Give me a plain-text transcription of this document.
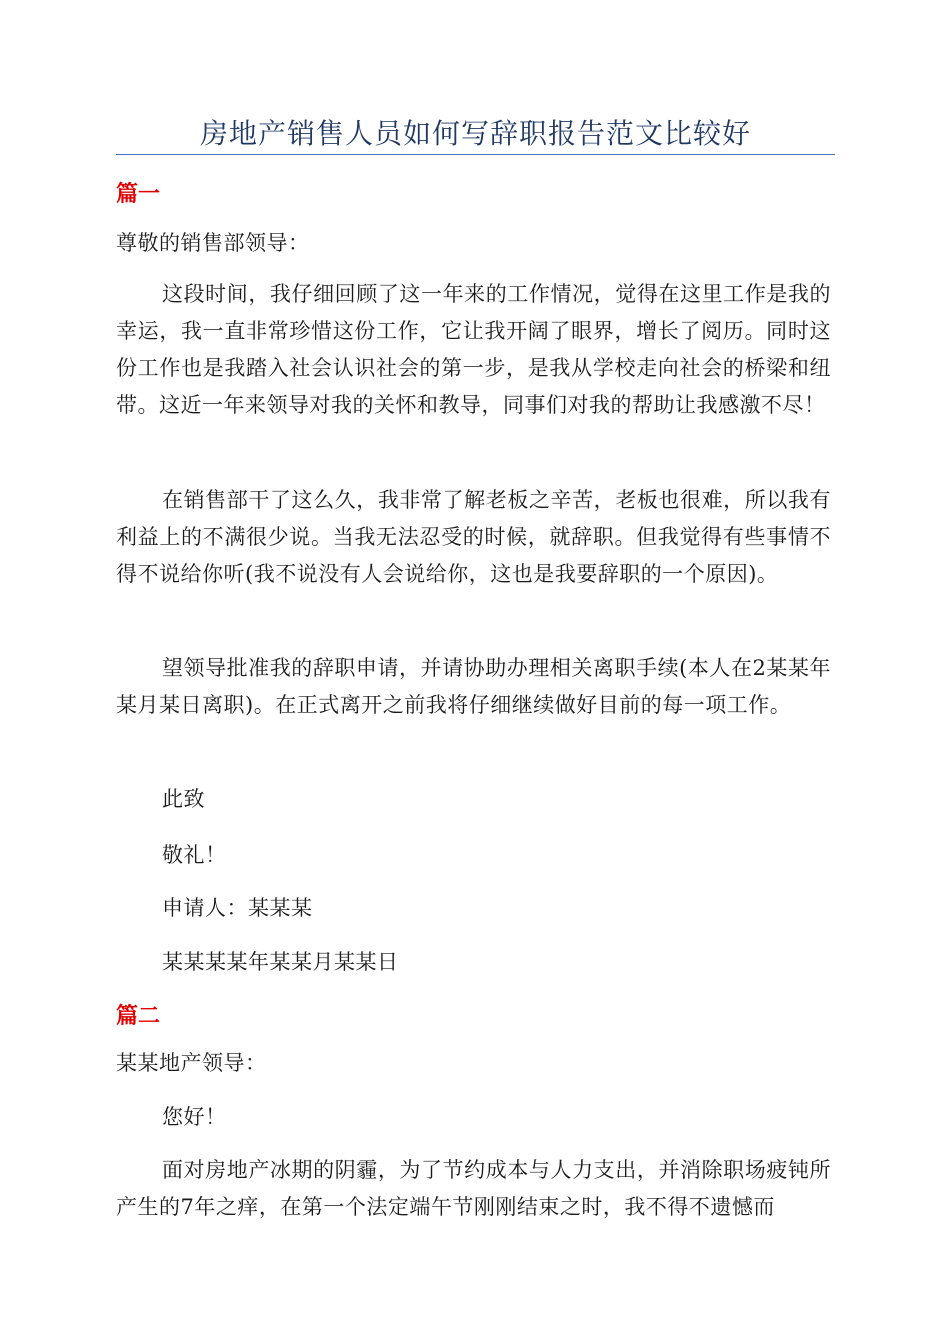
房地产销售人员如何写辞职报告范文比较好
篇一

尊敬的销售部领导：

这段时间，我仔细回顾了这一年来的工作情况，觉得在这里工作是我的幸运，我一直非常珍惜这份工作，它让我开阔了眼界，增长了阅历。同时这份工作也是我踏入社会认识社会的第一步，是我从学校走向社会的桥梁和纽带。这近一年来领导对我的关怀和教导，同事们对我的帮助让我感激不尽！

在销售部干了这么久，我非常了解老板之辛苦，老板也很难，所以我有利益上的不满很少说。当我无法忍受的时候，就辞职。但我觉得有些事情不得不说给你听(我不说没有人会说给你，这也是我要辞职的一个原因)。

望领导批准我的辞职申请，并请协助办理相关离职手续(本人在2某某年某月某日离职)。在正式离开之前我将仔细继续做好目前的每一项工作。

此致

敬礼！

申请人：某某某

某某某某年某某月某某日

篇二

某某地产领导：

您好！

面对房地产冰期的阴霾，为了节约成本与人力支出，并消除职场疲钝所产生的7年之痒，在第一个法定端午节刚刚结束之时，我不得不遗憾而
